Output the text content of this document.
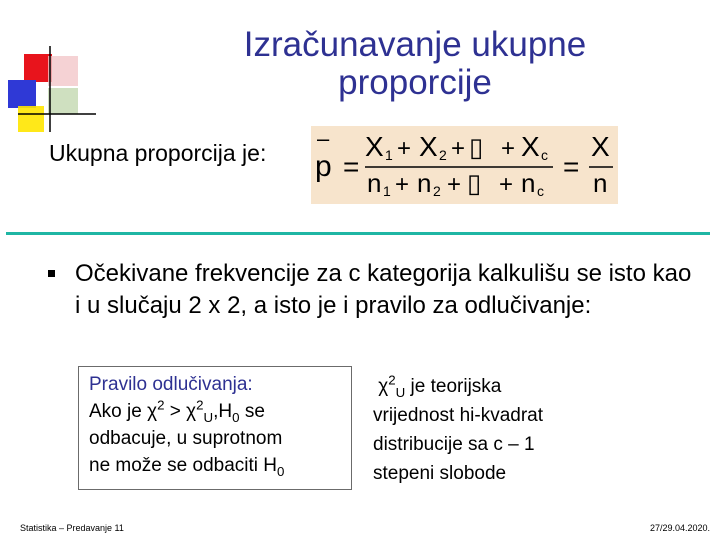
Izračunavanje ukupne
proporcije
Ukupna proporcija je:
–
p =
X 1 + X 2 + ▯ + X c
n 1 + n 2 + ▯ + n c
=
X
n
Očekivane frekvencije za c kategorija kalkulišu se isto kao i u slučaju 2 x 2, a isto je i pravilo za odlučivanje:
Pravilo odlučivanja:
Ako je $\chi^2 > \chi^2_U,H_0$ se
odbacuje, u suprotnom
ne može se odbaciti $H_0$
$\chi^2_U$ je teorijska
vrijednost hi-kvadrat
distribucije sa c – 1
stepeni slobode
Statistika – Predavanje 11	27/29.04.2020.
